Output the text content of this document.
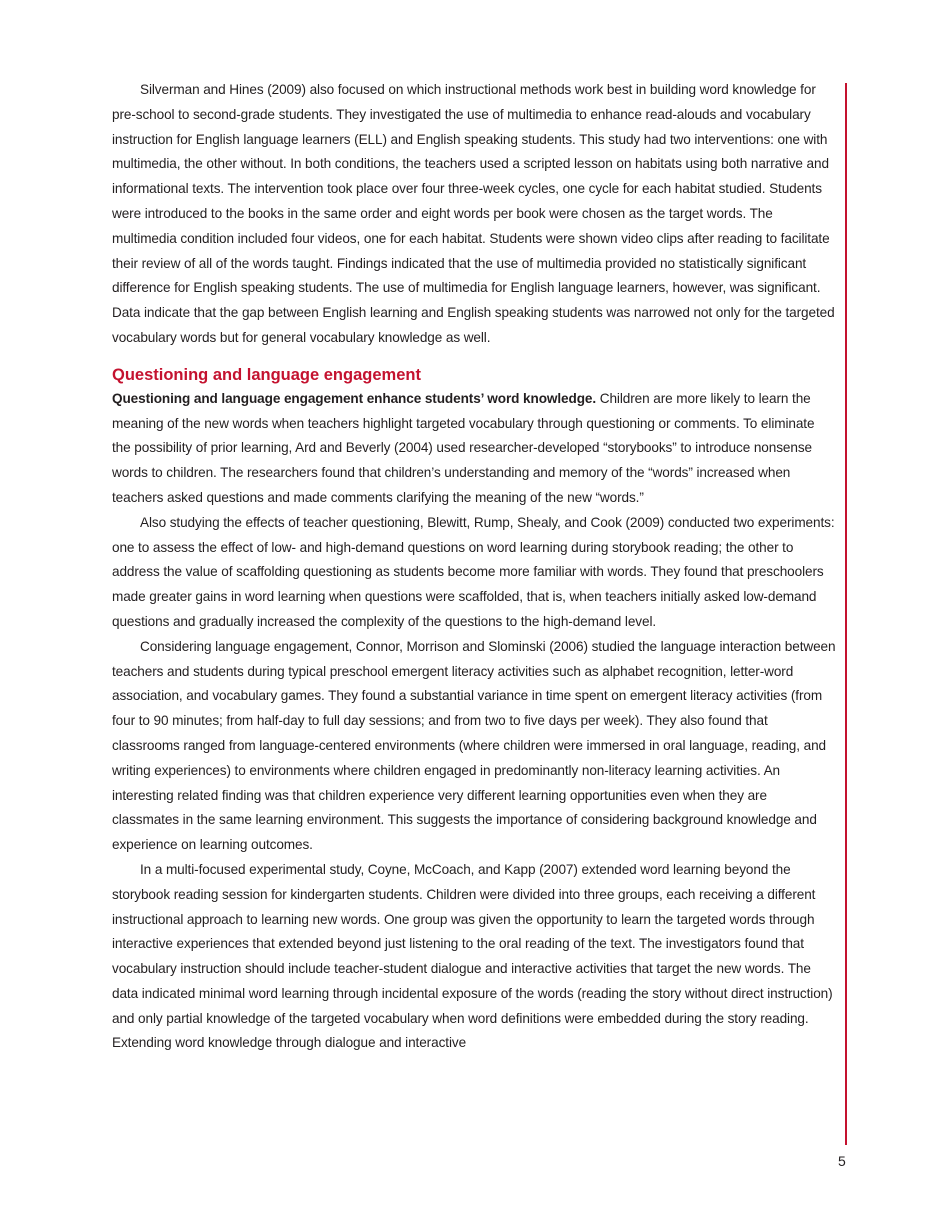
Silverman and Hines (2009) also focused on which instructional methods work best in building word knowledge for pre-school to second-grade students. They investigated the use of multimedia to enhance read-alouds and vocabulary instruction for English language learners (ELL) and English speaking students. This study had two interventions: one with multimedia, the other without. In both conditions, the teachers used a scripted lesson on habitats using both narrative and informational texts. The intervention took place over four three-week cycles, one cycle for each habitat studied. Students were introduced to the books in the same order and eight words per book were chosen as the target words. The multimedia condition included four videos, one for each habitat. Students were shown video clips after reading to facilitate their review of all of the words taught. Findings indicated that the use of multimedia provided no statistically significant difference for English speaking students. The use of multimedia for English language learners, however, was significant. Data indicate that the gap between English learning and English speaking students was narrowed not only for the targeted vocabulary words but for general vocabulary knowledge as well.

Questioning and language engagement

Questioning and language engagement enhance students’ word knowledge. Children are more likely to learn the meaning of the new words when teachers highlight targeted vocabulary through questioning or comments. To eliminate the possibility of prior learning, Ard and Beverly (2004) used researcher-developed “storybooks” to introduce nonsense words to children. The researchers found that children’s understanding and memory of the “words” increased when teachers asked questions and made comments clarifying the meaning of the new “words.”

Also studying the effects of teacher questioning, Blewitt, Rump, Shealy, and Cook (2009) conducted two experiments: one to assess the effect of low- and high-demand questions on word learning during storybook reading; the other to address the value of scaffolding questioning as students become more familiar with words. They found that preschoolers made greater gains in word learning when questions were scaffolded, that is, when teachers initially asked low-demand questions and gradually increased the complexity of the questions to the high-demand level.

Considering language engagement, Connor, Morrison and Slominski (2006) studied the language interaction between teachers and students during typical preschool emergent literacy activities such as alphabet recognition, letter-word association, and vocabulary games. They found a substantial variance in time spent on emergent literacy activities (from four to 90 minutes; from half-day to full day sessions; and from two to five days per week). They also found that classrooms ranged from language-centered environments (where children were immersed in oral language, reading, and writing experiences) to environments where children engaged in predominantly non-literacy learning activities. An interesting related finding was that children experience very different learning opportunities even when they are classmates in the same learning environment. This suggests the importance of considering background knowledge and experience on learning outcomes.

In a multi-focused experimental study, Coyne, McCoach, and Kapp (2007) extended word learning beyond the storybook reading session for kindergarten students. Children were divided into three groups, each receiving a different instructional approach to learning new words. One group was given the opportunity to learn the targeted words through interactive experiences that extended beyond just listening to the oral reading of the text. The investigators found that vocabulary instruction should include teacher-student dialogue and interactive activities that target the new words. The data indicated minimal word learning through incidental exposure of the words (reading the story without direct instruction) and only partial knowledge of the targeted vocabulary when word definitions were embedded during the story reading. Extending word knowledge through dialogue and interactive

5
